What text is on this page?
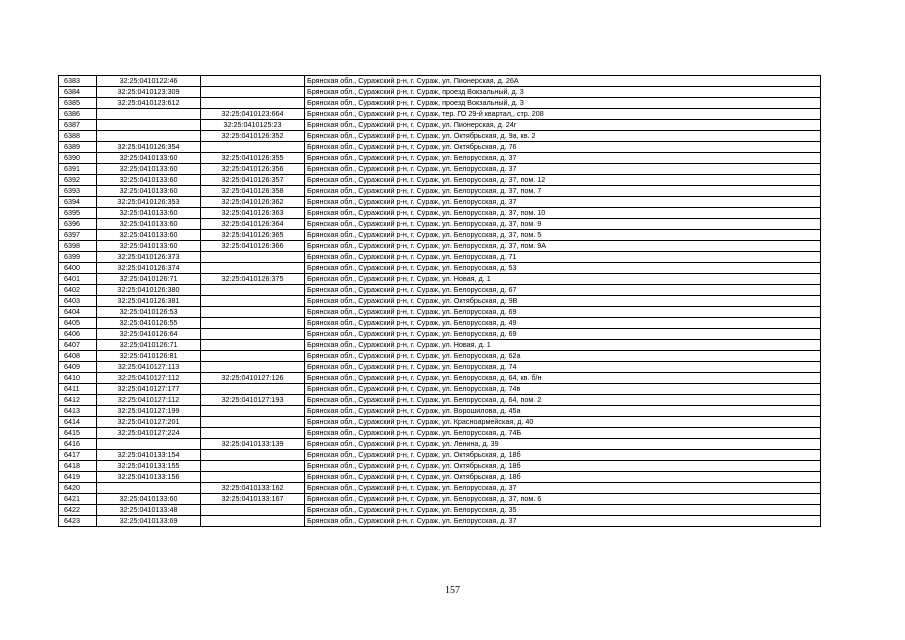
6383	32:25:0410122:46		Брянская обл., Суражский р-н, г. Сураж, ул. Пионерская, д. 26А
6384	32:25:0410123:309		Брянская обл., Суражский р-н, г. Сураж, проезд Вокзальный, д. 3
6385	32:25:0410123:612		Брянская обл., Суражский р-н, г. Сураж, проезд Вокзальный, д. 3
6386		32:25:0410123:664	Брянская обл., Суражский р-н, г. Сураж, тер. ГО 29-й квартал,, стр. 208
6387		32:25:0410125:23	Брянская обл., Суражский р-н, г. Сураж, ул. Пионерская, д. 24г
6388		32:25:0410126:352	Брянская обл., Суражский р-н, г. Сураж, ул. Октябрьская, д. 9а, кв. 2
6389	32:25:0410126:354		Брянская обл., Суражский р-н, г. Сураж, ул. Октябрьская, д. 76
6390	32:25:0410133:60	32:25:0410126:355	Брянская обл., Суражский р-н, г. Сураж, ул. Белорусская, д. 37
6391	32:25:0410133:60	32:25:0410126:356	Брянская обл., Суражский р-н, г. Сураж, ул. Белорусская, д. 37
6392	32:25:0410133:60	32:25:0410126:357	Брянская обл., Суражский р-н, г. Сураж, ул. Белорусская, д. 37, пом. 12
6393	32:25:0410133:60	32:25:0410126:358	Брянская обл., Суражский р-н, г. Сураж, ул. Белорусская, д. 37, пом. 7
6394	32:25:0410126:353	32:25:0410126:362	Брянская обл., Суражский р-н, г. Сураж, ул. Белорусская, д. 37
6395	32:25:0410133:60	32:25:0410126:363	Брянская обл., Суражский р-н, г. Сураж, ул. Белорусская, д. 37, пом. 10
6396	32:25:0410133:60	32:25:0410126:364	Брянская обл., Суражский р-н, г. Сураж, ул. Белорусская, д. 37, пом. 9
6397	32:25:0410133:60	32:25:0410126:365	Брянская обл., Суражский р-н, г. Сураж, ул. Белорусская, д. 37, пом. 5
6398	32:25:0410133:60	32:25:0410126:366	Брянская обл., Суражский р-н, г. Сураж, ул. Белорусская, д. 37, пом. 9А
6399	32:25:0410126:373		Брянская обл., Суражский р-н, г. Сураж, ул. Белорусская, д. 71
6400	32:25:0410126:374		Брянская обл., Суражский р-н, г. Сураж, ул. Белорусская, д. 53
6401	32:25:0410126:71	32:25:0410126:375	Брянская обл., Суражский р-н, г. Сураж, ул. Новая, д. 1
6402	32:25:0410126:380		Брянская обл., Суражский р-н, г. Сураж, ул. Белорусская, д. 67
6403	32:25:0410126:381		Брянская обл., Суражский р-н, г. Сураж, ул. Октябрьская, д. 9В
6404	32:25:0410126:53		Брянская обл., Суражский р-н, г. Сураж, ул. Белорусская, д. 69
6405	32:25:0410126:55		Брянская обл., Суражский р-н, г. Сураж, ул. Белорусская, д. 49
6406	32:25:0410126:64		Брянская обл., Суражский р-н, г. Сураж, ул. Белорусская, д. 69
6407	32:25:0410126:71		Брянская обл., Суражский р-н, г. Сураж, ул. Новая, д. 1
6408	32:25:0410126:81		Брянская обл., Суражский р-н, г. Сураж, ул. Белорусская, д. 62а
6409	32:25:0410127:113		Брянская обл., Суражский р-н, г. Сураж, ул. Белорусская, д. 74
6410	32:25:0410127:112	32:25:0410127:126	Брянская обл., Суражский р-н, г. Сураж, ул. Белорусская, д. 64, кв. б/н
6411	32:25:0410127:177		Брянская обл., Суражский р-н, г. Сураж, ул. Белорусская, д. 74в
6412	32:25:0410127:112	32:25:0410127:193	Брянская обл., Суражский р-н, г. Сураж, ул. Белорусская, д. 64, пом. 2
6413	32:25:0410127:199		Брянская обл., Суражский р-н, г. Сураж, ул. Ворошилова, д. 45а
6414	32:25:0410127:201		Брянская обл., Суражский р-н, г. Сураж, ул. Красноармейская, д. 40
6415	32:25:0410127:224		Брянская обл., Суражский р-н, г. Сураж, ул. Белорусская, д. 74Б
6416		32:25:0410133:139	Брянская обл., Суражский р-н, г. Сураж, ул. Ленина, д. 39
6417	32:25:0410133:154		Брянская обл., Суражский р-н, г. Сураж, ул. Октябрьская, д. 18б
6418	32:25:0410133:155		Брянская обл., Суражский р-н, г. Сураж, ул. Октябрьская, д. 18б
6419	32:25:0410133:156		Брянская обл., Суражский р-н, г. Сураж, ул. Октябрьская, д. 18б
6420		32:25:0410133:162	Брянская обл., Суражский р-н, г. Сураж, ул. Белорусская, д. 37
6421	32:25:0410133:60	32:25:0410133:167	Брянская обл., Суражский р-н, г. Сураж, ул. Белорусская, д. 37, пом. 6
6422	32:25:0410133:48		Брянская обл., Суражский р-н, г. Сураж, ул. Белорусская, д. 35
6423	32:25:0410133:69		Брянская обл., Суражский р-н, г. Сураж, ул. Белорусская, д. 37
157
